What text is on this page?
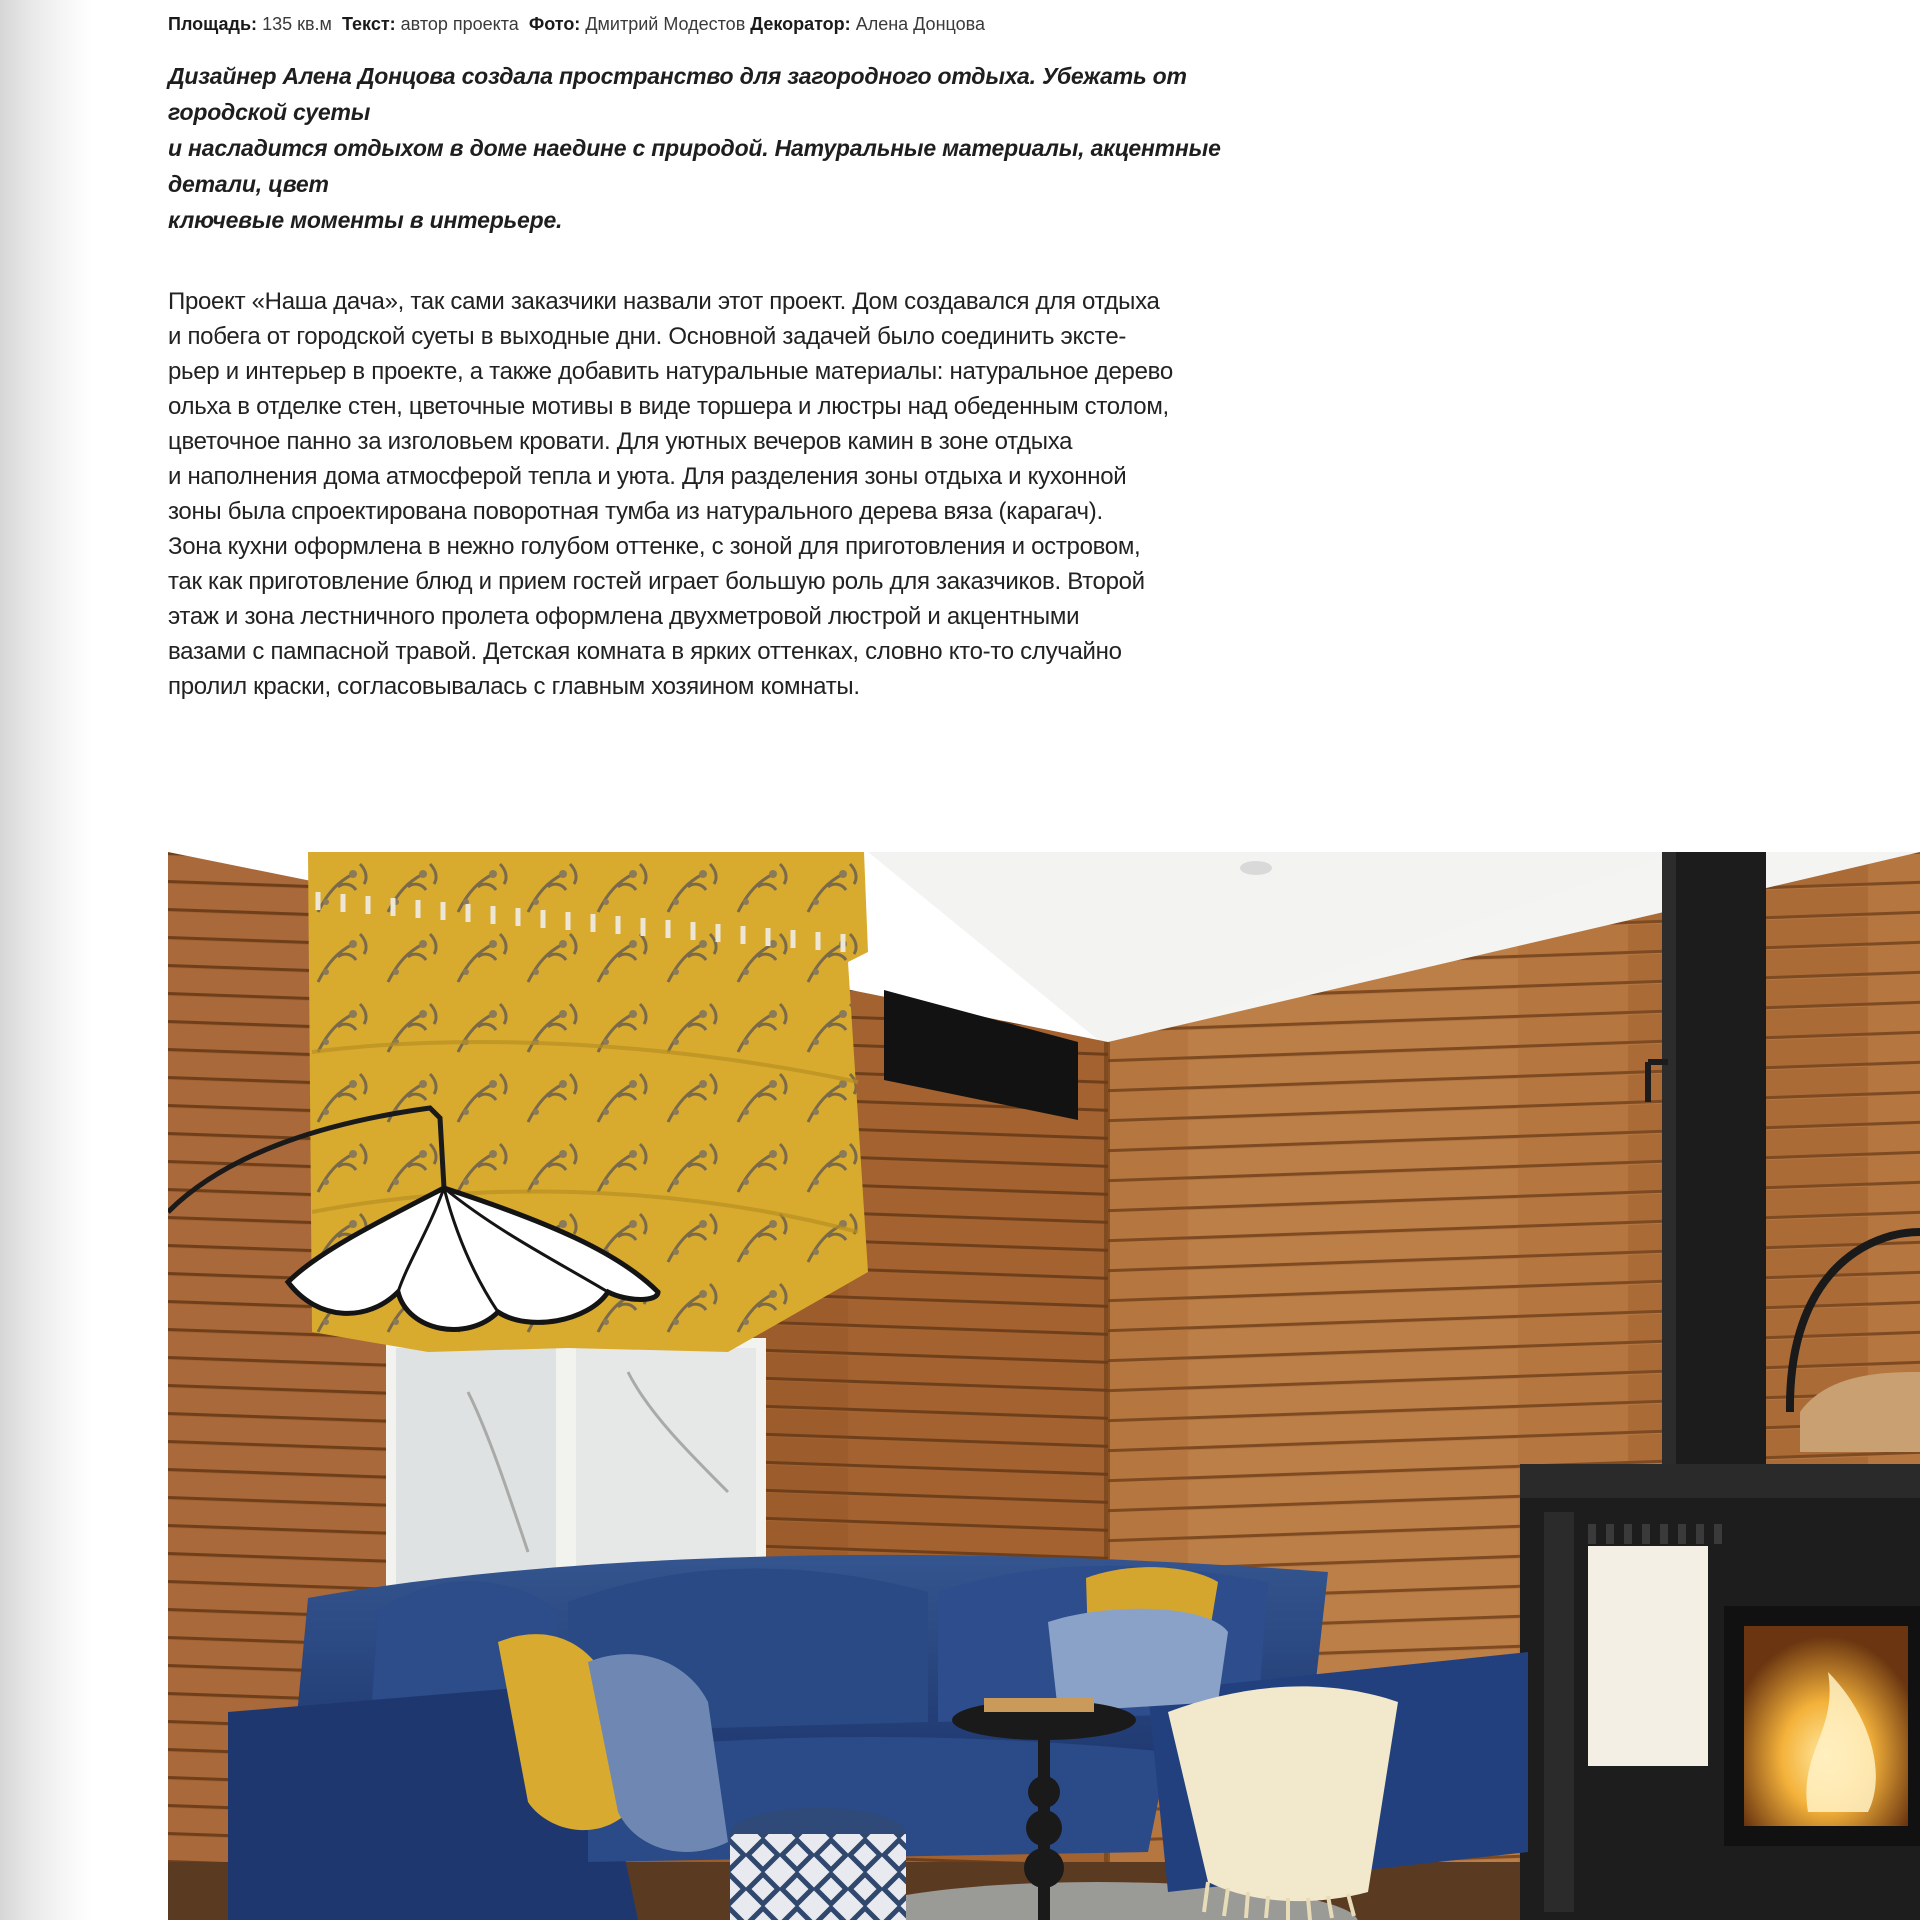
Площадь: 135 кв.м Текст: автор проекта Фото: Дмитрий Модестов Декоратор: Алена Донцова
Дизайнер Алена Донцова создала пространство для загородного отдыха. Убежать от городской суеты
и насладится отдыхом в доме наедине с природой. Натуральные материалы, акцентные детали, цвет
ключевые моменты в интерьере.
Проект «Наша дача», так сами заказчики назвали этот проект. Дом создавался для отдыха
и побега от городской суеты в выходные дни. Основной задачей было соединить экстe-
рьер и интерьер в проекте, а также добавить натуральные материалы: натуральное дерево
ольха в отделке стен, цветочные мотивы в виде торшера и люстры над обеденным столом,
цветочное панно за изголовьем кровати. Для уютных вечеров камин в зоне отдыха
и наполнения дома атмосферой тепла и уюта. Для разделения зоны отдыха и кухонной
зоны была спроектирована поворотная тумба из натурального дерева вяза (карагач).
Зона кухни оформлена в нежно голубом оттенке, с зоной для приготовления и островом,
так как приготовление блюд и прием гостей играет большую роль для заказчиков. Второй
этаж и зона лестничного пролета оформлена двухметровой люстрой и акцентными
вазами с пампасной травой. Детская комната в ярких оттенках, словно кто-то случайно
пролил краски, согласовывалась с главным хозяином комнаты.
